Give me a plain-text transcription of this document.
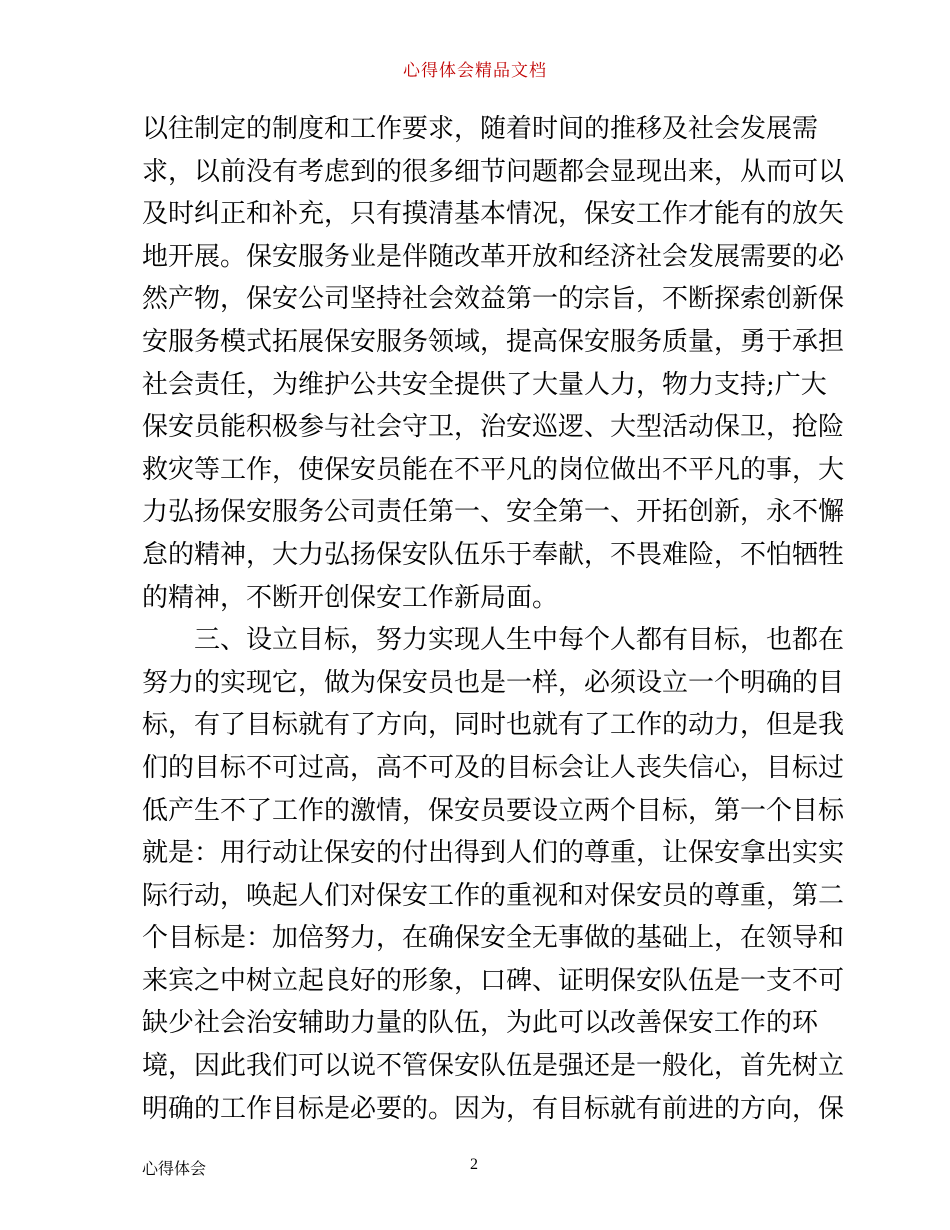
心得体会精品文档
以往制定的制度和工作要求，随着时间的推移及社会发展需
求，以前没有考虑到的很多细节问题都会显现出来，从而可以
及时纠正和补充，只有摸清基本情况，保安工作才能有的放矢
地开展。保安服务业是伴随改革开放和经济社会发展需要的必
然产物，保安公司坚持社会效益第一的宗旨，不断探索创新保
安服务模式拓展保安服务领域，提高保安服务质量，勇于承担
社会责任，为维护公共安全提供了大量人力，物力支持;广大
保安员能积极参与社会守卫，治安巡逻、大型活动保卫，抢险
救灾等工作，使保安员能在不平凡的岗位做出不平凡的事，大
力弘扬保安服务公司责任第一、安全第一、开拓创新，永不懈
怠的精神，大力弘扬保安队伍乐于奉献，不畏难险，不怕牺牲
的精神，不断开创保安工作新局面。
　　三、设立目标，努力实现人生中每个人都有目标，也都在
努力的实现它，做为保安员也是一样，必须设立一个明确的目
标，有了目标就有了方向，同时也就有了工作的动力，但是我
们的目标不可过高，高不可及的目标会让人丧失信心，目标过
低产生不了工作的激情，保安员要设立两个目标，第一个目标
就是：用行动让保安的付出得到人们的尊重，让保安拿出实实
际行动，唤起人们对保安工作的重视和对保安员的尊重，第二
个目标是：加倍努力，在确保安全无事做的基础上，在领导和
来宾之中树立起良好的形象，口碑、证明保安队伍是一支不可
缺少社会治安辅助力量的队伍，为此可以改善保安工作的环
境，因此我们可以说不管保安队伍是强还是一般化，首先树立
明确的工作目标是必要的。因为，有目标就有前进的方向，保
心得体会	2
